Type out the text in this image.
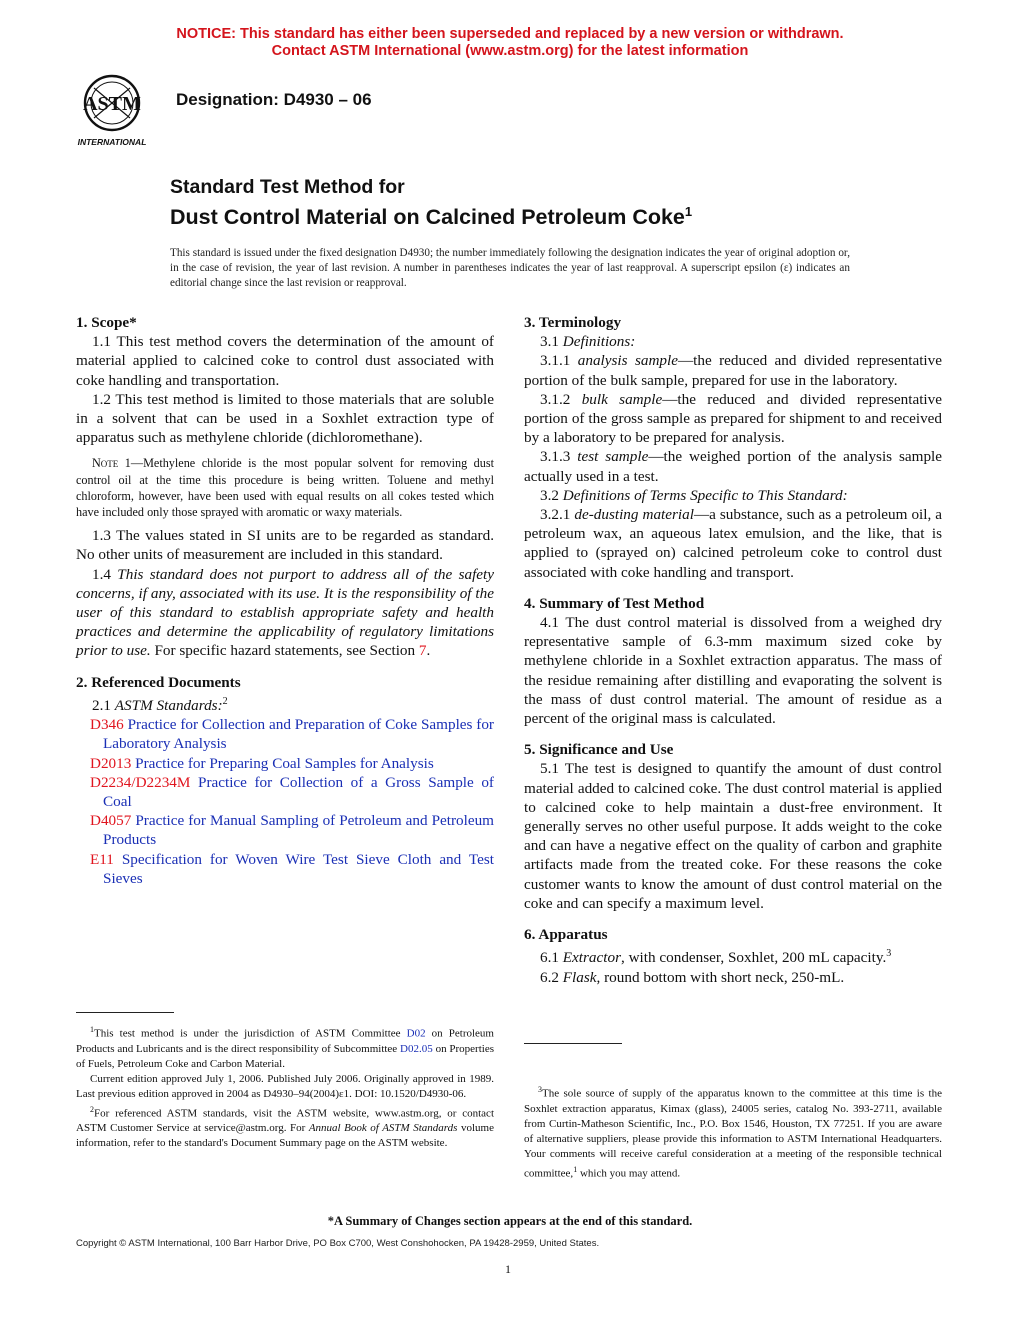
NOTICE: This standard has either been superseded and replaced by a new version or withdrawn.
Contact ASTM International (www.astm.org) for the latest information
ASTM
INTERNATIONAL
Designation: D4930 – 06
Standard Test Method for
Dust Control Material on Calcined Petroleum Coke$^1$
This standard is issued under the fixed designation D4930; the number immediately following the designation indicates the year of original adoption or, in the case of revision, the year of last revision. A number in parentheses indicates the year of last reapproval. A superscript epsilon (ε) indicates an editorial change since the last revision or reapproval.

1. Scope*

1.1 This test method covers the determination of the amount of material applied to calcined coke to control dust associated with coke handling and transportation.

1.2 This test method is limited to those materials that are soluble in a solvent that can be used in a Soxhlet extraction type of apparatus such as methylene chloride (dichloromethane).

Note 1—Methylene chloride is the most popular solvent for removing dust control oil at the time this procedure is being written. Toluene and methyl chloroform, however, have been used with equal results on all cokes tested which have included only those sprayed with aromatic or waxy materials.

1.3 The values stated in SI units are to be regarded as standard. No other units of measurement are included in this standard.

1.4 This standard does not purport to address all of the safety concerns, if any, associated with its use. It is the responsibility of the user of this standard to establish appropriate safety and health practices and determine the applicability of regulatory limitations prior to use. For specific hazard statements, see Section 7.

2. Referenced Documents

2.1 ASTM Standards:$^2$

D346 Practice for Collection and Preparation of Coke Samples for Laboratory Analysis

D2013 Practice for Preparing Coal Samples for Analysis

D2234/D2234M Practice for Collection of a Gross Sample of Coal

D4057 Practice for Manual Sampling of Petroleum and Petroleum Products

E11 Specification for Woven Wire Test Sieve Cloth and Test Sieves

3. Terminology

3.1 Definitions:

3.1.1 analysis sample—the reduced and divided representative portion of the bulk sample, prepared for use in the laboratory.

3.1.2 bulk sample—the reduced and divided representative portion of the gross sample as prepared for shipment to and received by a laboratory to be prepared for analysis.

3.1.3 test sample—the weighed portion of the analysis sample actually used in a test.

3.2 Definitions of Terms Specific to This Standard:

3.2.1 de-dusting material—a substance, such as a petroleum oil, a petroleum wax, an aqueous latex emulsion, and the like, that is applied to (sprayed on) calcined petroleum coke to control dust associated with coke handling and transport.

4. Summary of Test Method

4.1 The dust control material is dissolved from a weighed dry representative sample of 6.3-mm maximum sized coke by methylene chloride in a Soxhlet extraction apparatus. The mass of the residue remaining after distilling and evaporating the solvent is the mass of dust control material. The amount of residue as a percent of the original mass is calculated.

5. Significance and Use

5.1 The test is designed to quantify the amount of dust control material added to calcined coke. The dust control material is applied to calcined coke to help maintain a dust-free environment. It generally serves no other useful purpose. It adds weight to the coke and can have a negative effect on the quality of carbon and graphite artifacts made from the treated coke. For these reasons the coke customer wants to know the amount of dust control material on the coke and can specify a maximum level.

6. Apparatus

6.1 Extractor, with condenser, Soxhlet, 200 mL capacity.$^3$

6.2 Flask, round bottom with short neck, 250-mL.

$^1$This test method is under the jurisdiction of ASTM Committee D02 on Petroleum Products and Lubricants and is the direct responsibility of Subcommittee D02.05 on Properties of Fuels, Petroleum Coke and Carbon Material.

Current edition approved July 1, 2006. Published July 2006. Originally approved in 1989. Last previous edition approved in 2004 as D4930–94(2004)ε1. DOI: 10.1520/D4930-06.

$^2$For referenced ASTM standards, visit the ASTM website, www.astm.org, or contact ASTM Customer Service at service@astm.org. For Annual Book of ASTM Standards volume information, refer to the standard's Document Summary page on the ASTM website.

$^3$The sole source of supply of the apparatus known to the committee at this time is the Soxhlet extraction apparatus, Kimax (glass), 24005 series, catalog No. 393-2711, available from Curtin-Matheson Scientific, Inc., P.O. Box 1546, Houston, TX 77251. If you are aware of alternative suppliers, please provide this information to ASTM International Headquarters. Your comments will receive careful consideration at a meeting of the responsible technical committee,$^1$ which you may attend.

*A Summary of Changes section appears at the end of this standard.
Copyright © ASTM International, 100 Barr Harbor Drive, PO Box C700, West Conshohocken, PA 19428-2959, United States.
1
